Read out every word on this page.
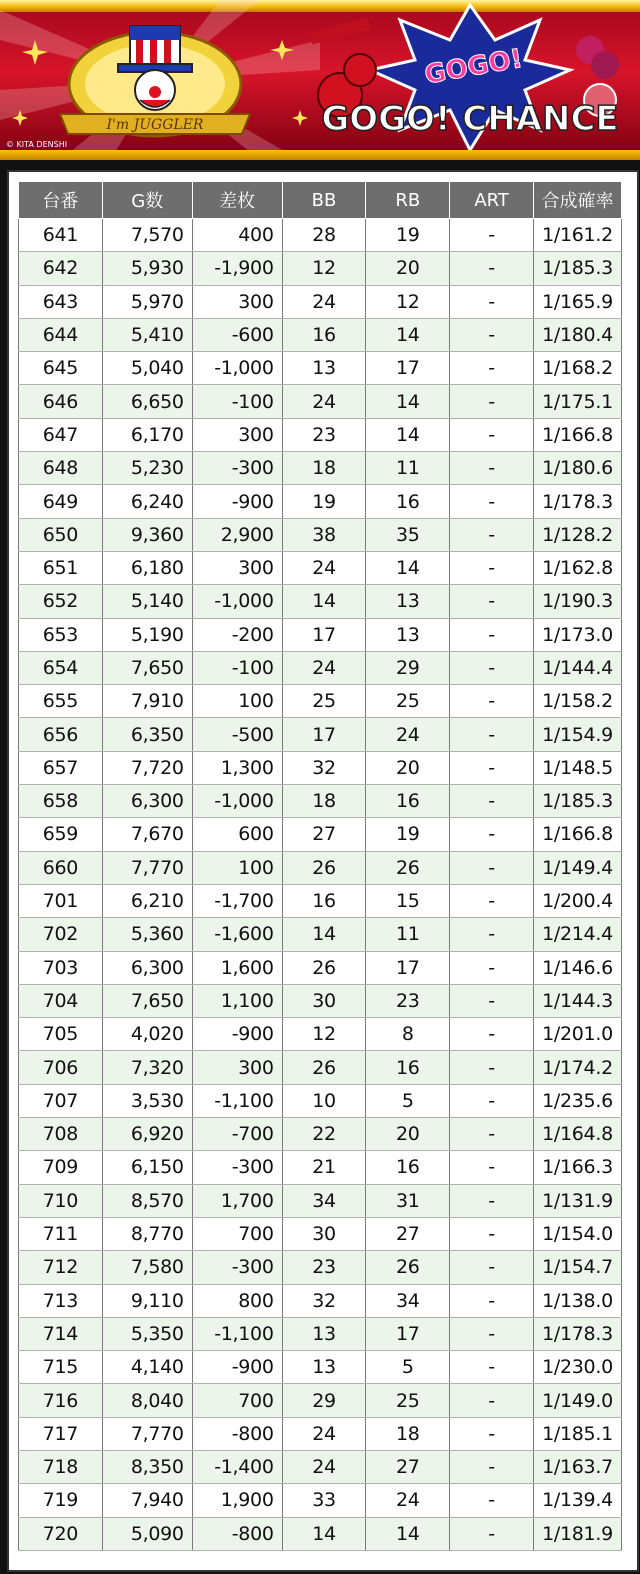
I'm JUGGLER
GOGO!
GOGO! CHANCE
© KITA DENSHI
台番	G数	差枚	BB	RB	ART	合成確率
641	7,570	400	28	19	-	1/161.2
642	5,930	-1,900	12	20	-	1/185.3
643	5,970	300	24	12	-	1/165.9
644	5,410	-600	16	14	-	1/180.4
645	5,040	-1,000	13	17	-	1/168.2
646	6,650	-100	24	14	-	1/175.1
647	6,170	300	23	14	-	1/166.8
648	5,230	-300	18	11	-	1/180.6
649	6,240	-900	19	16	-	1/178.3
650	9,360	2,900	38	35	-	1/128.2
651	6,180	300	24	14	-	1/162.8
652	5,140	-1,000	14	13	-	1/190.3
653	5,190	-200	17	13	-	1/173.0
654	7,650	-100	24	29	-	1/144.4
655	7,910	100	25	25	-	1/158.2
656	6,350	-500	17	24	-	1/154.9
657	7,720	1,300	32	20	-	1/148.5
658	6,300	-1,000	18	16	-	1/185.3
659	7,670	600	27	19	-	1/166.8
660	7,770	100	26	26	-	1/149.4
701	6,210	-1,700	16	15	-	1/200.4
702	5,360	-1,600	14	11	-	1/214.4
703	6,300	1,600	26	17	-	1/146.6
704	7,650	1,100	30	23	-	1/144.3
705	4,020	-900	12	8	-	1/201.0
706	7,320	300	26	16	-	1/174.2
707	3,530	-1,100	10	5	-	1/235.6
708	6,920	-700	22	20	-	1/164.8
709	6,150	-300	21	16	-	1/166.3
710	8,570	1,700	34	31	-	1/131.9
711	8,770	700	30	27	-	1/154.0
712	7,580	-300	23	26	-	1/154.7
713	9,110	800	32	34	-	1/138.0
714	5,350	-1,100	13	17	-	1/178.3
715	4,140	-900	13	5	-	1/230.0
716	8,040	700	29	25	-	1/149.0
717	7,770	-800	24	18	-	1/185.1
718	8,350	-1,400	24	27	-	1/163.7
719	7,940	1,900	33	24	-	1/139.4
720	5,090	-800	14	14	-	1/181.9
